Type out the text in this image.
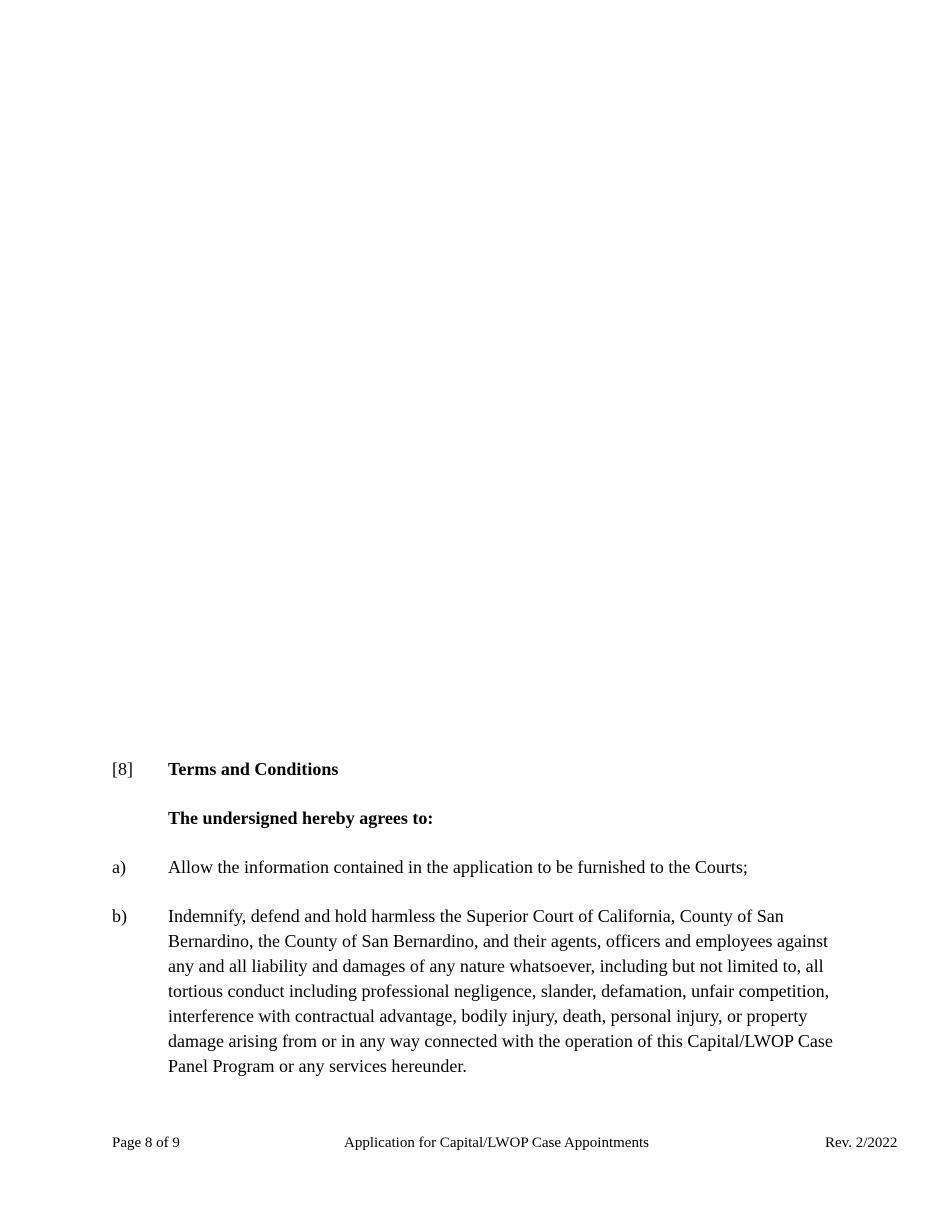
[8]	Terms and Conditions
The undersigned hereby agrees to:
a)	Allow the information contained in the application to be furnished to the Courts;
b)	Indemnify, defend and hold harmless the Superior Court of California, County of San Bernardino, the County of San Bernardino, and their agents, officers and employees against any and all liability and damages of any nature whatsoever, including but not limited to, all tortious conduct including professional negligence, slander, defamation, unfair competition, interference with contractual advantage, bodily injury, death, personal injury, or property damage arising from or in any way connected with the operation of this Capital/LWOP Case Panel Program or any services hereunder.
Page 8 of 9	Application for Capital/LWOP Case Appointments	Rev. 2/2022
